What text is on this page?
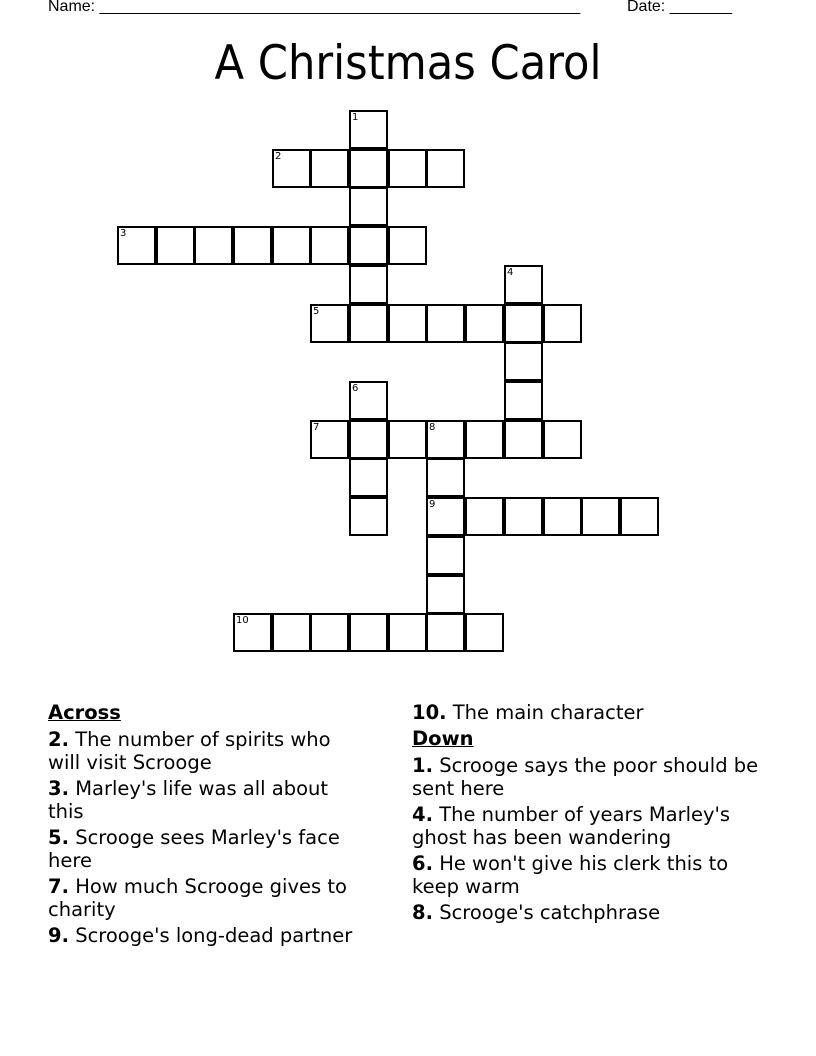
Name: ______________________________________________________	Date: _______
A Christmas Carol
1
2
3
4
5
6
7	8
9
10
Across
2. The number of spirits who will visit Scrooge
3. Marley's life was all about this
5. Scrooge sees Marley's face here
7. How much Scrooge gives to charity
9. Scrooge's long-dead partner
10. The main character
Down
1. Scrooge says the poor should be sent here
4. The number of years Marley's ghost has been wandering
6. He won't give his clerk this to keep warm
8. Scrooge's catchphrase
